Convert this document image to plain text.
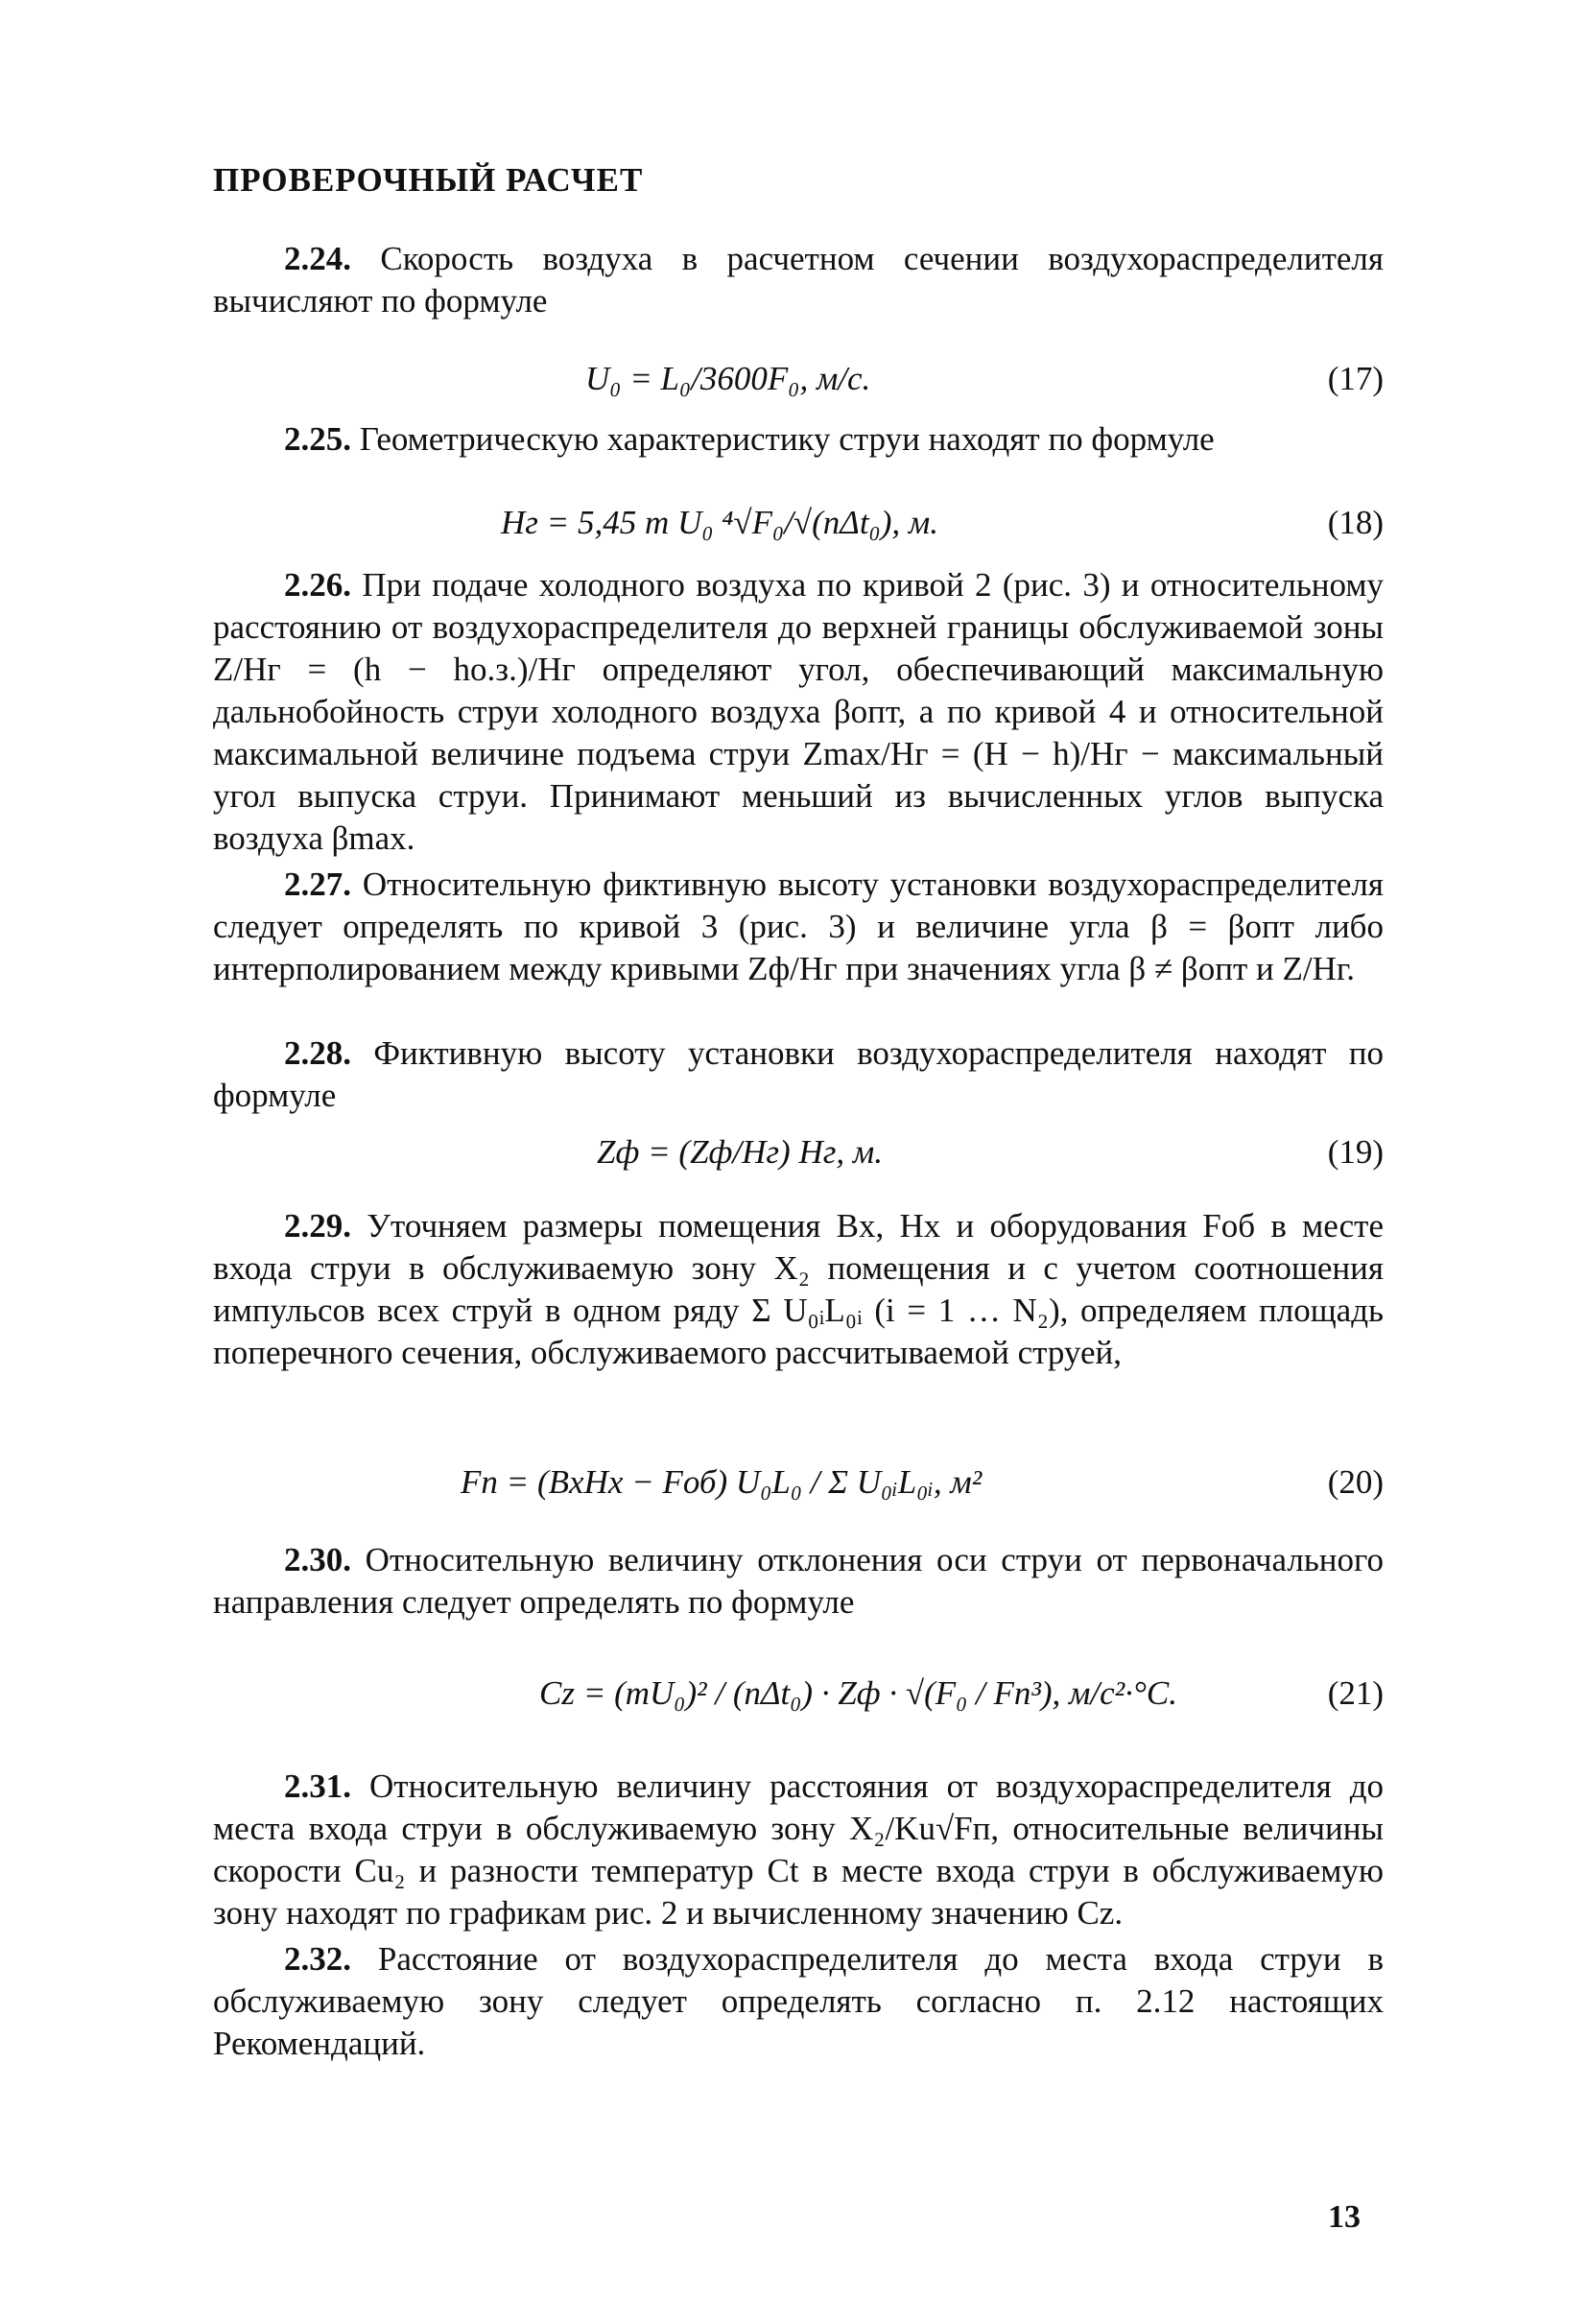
ПРОВЕРОЧНЫЙ РАСЧЕТ
2.24. Скорость воздуха в расчетном сечении воздухораспределителя вычисляют по формуле
U₀ = L₀/3600F₀, м/с.	(17)
2.25. Геометрическую характеристику струи находят по формуле
Hг = 5,45 m U₀ ⁴√F₀/√(nΔt₀), м.	(18)
2.26. При подаче холодного воздуха по кривой 2 (рис. 3) и относительному расстоянию от воздухораспределителя до верхней границы обслуживаемой зоны Z/Hг = (h − hо.з.)/Hг определяют угол, обеспечивающий максимальную дальнобойность струи холодного воздуха βопт, а по кривой 4 и относительной максимальной величине подъема струи Zmax/Hг = (H − h)/Hг − максимальный угол выпуска струи. Принимают меньший из вычисленных углов выпуска воздуха βmax.
2.27. Относительную фиктивную высоту установки воздухораспределителя следует определять по кривой 3 (рис. 3) и величине угла β = βопт либо интерполированием между кривыми Zф/Hг при значениях угла β ≠ βопт и Z/Hг.
2.28. Фиктивную высоту установки воздухораспределителя находят по формуле
Zф = (Zф/Hг) Hг, м.	(19)
2.29. Уточняем размеры помещения Bх, Hх и оборудования Fоб в месте входа струи в обслуживаемую зону X₂ помещения и с учетом соотношения импульсов всех струй в одном ряду Σ U₀ᵢL₀ᵢ (i = 1 … N₂), определяем площадь поперечного сечения, обслуживаемого рассчитываемой струей,
Fп = (BхHх − Fоб) U₀L₀ / Σ U₀ᵢL₀ᵢ, м²	(20)
2.30. Относительную величину отклонения оси струи от первоначального направления следует определять по формуле
Cz = (mU₀)² / (nΔt₀) · Zф · √(F₀ / Fп³), м/с²·°C.	(21)
2.31. Относительную величину расстояния от воздухораспределителя до места входа струи в обслуживаемую зону X₂/Ku√Fп, относительные величины скорости Cu₂ и разности температур Ct в месте входа струи в обслуживаемую зону находят по графикам рис. 2 и вычисленному значению Cz.
2.32. Расстояние от воздухораспределителя до места входа струи в обслуживаемую зону следует определять согласно п. 2.12 настоящих Рекомендаций.
13
